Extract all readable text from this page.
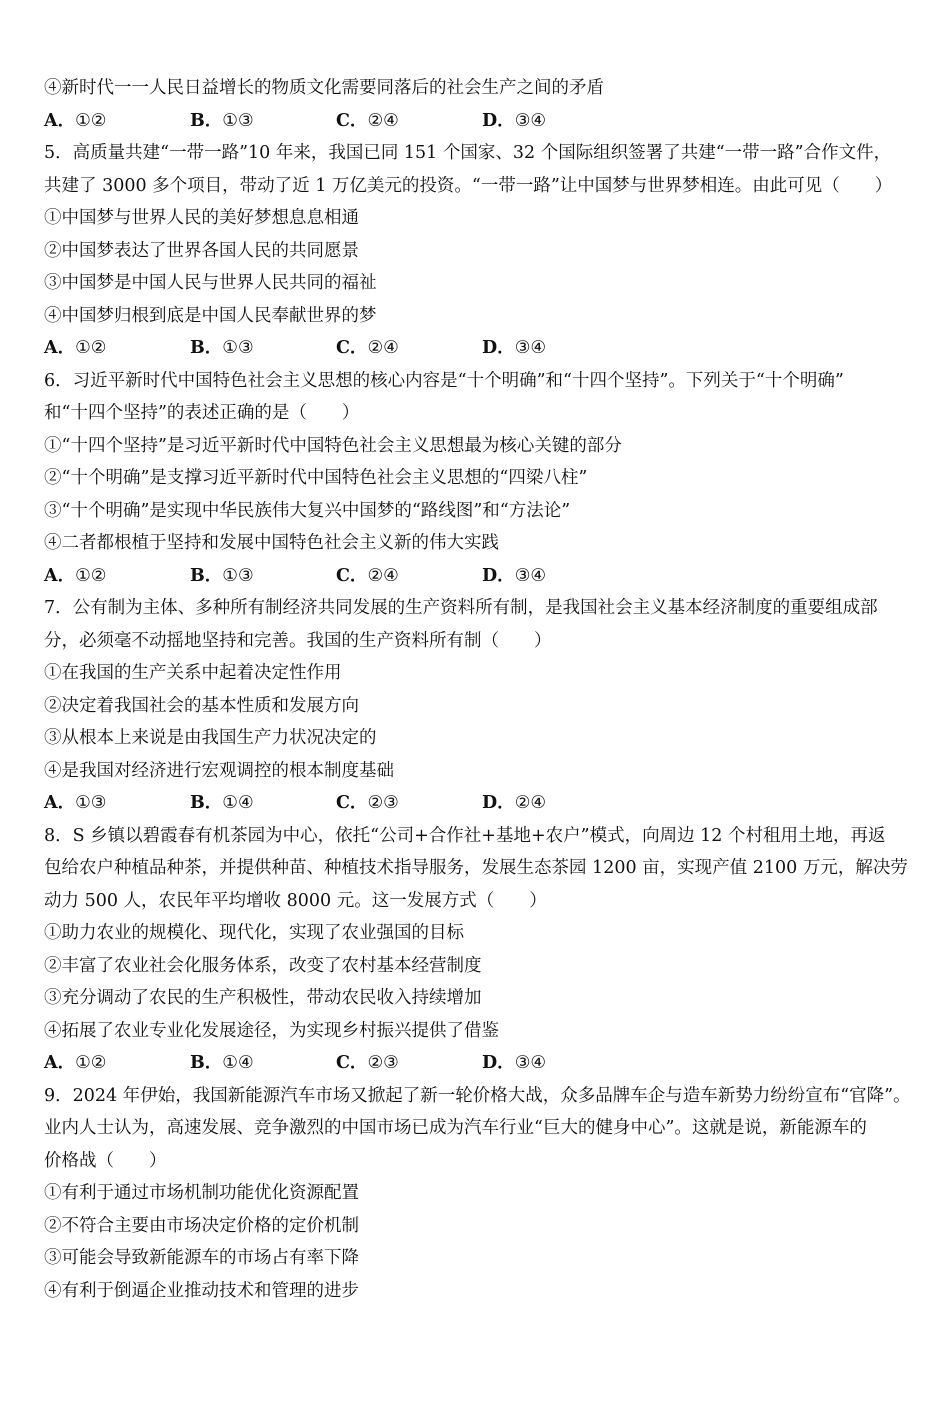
④新时代一一人民日益增长的物质文化需要同落后的社会生产之间的矛盾
A．①②	B．①③	C．②④	D．③④
5．高质量共建“一带一路”10 年来，我国已同 151 个国家、32 个国际组织签署了共建“一带一路”合作文件，
共建了 3000 多个项目，带动了近 1 万亿美元的投资。“一带一路”让中国梦与世界梦相连。由此可见（　　）
①中国梦与世界人民的美好梦想息息相通
②中国梦表达了世界各国人民的共同愿景
③中国梦是中国人民与世界人民共同的福祉
④中国梦归根到底是中国人民奉献世界的梦
A．①②	B．①③	C．②④	D．③④
6．习近平新时代中国特色社会主义思想的核心内容是“十个明确”和“十四个坚持”。下列关于“十个明确”
和“十四个坚持”的表述正确的是（　　）
①“十四个坚持”是习近平新时代中国特色社会主义思想最为核心关键的部分
②“十个明确”是支撑习近平新时代中国特色社会主义思想的“四梁八柱”
③“十个明确”是实现中华民族伟大复兴中国梦的“路线图”和“方法论”
④二者都根植于坚持和发展中国特色社会主义新的伟大实践
A．①②	B．①③	C．②④	D．③④
7．公有制为主体、多种所有制经济共同发展的生产资料所有制，是我国社会主义基本经济制度的重要组成部
分，必须毫不动摇地坚持和完善。我国的生产资料所有制（　　）
①在我国的生产关系中起着决定性作用
②决定着我国社会的基本性质和发展方向
③从根本上来说是由我国生产力状况决定的
④是我国对经济进行宏观调控的根本制度基础
A．①③	B．①④	C．②③	D．②④
8．S 乡镇以碧霞春有机茶园为中心，依托“公司+合作社+基地+农户”模式，向周边 12 个村租用土地，再返
包给农户种植品种茶，并提供种苗、种植技术指导服务，发展生态茶园 1200 亩，实现产值 2100 万元，解决劳
动力 500 人，农民年平均增收 8000 元。这一发展方式（　　）
①助力农业的规模化、现代化，实现了农业强国的目标
②丰富了农业社会化服务体系，改变了农村基本经营制度
③充分调动了农民的生产积极性，带动农民收入持续增加
④拓展了农业专业化发展途径，为实现乡村振兴提供了借鉴
A．①②	B．①④	C．②③	D．③④
9．2024 年伊始，我国新能源汽车市场又掀起了新一轮价格大战，众多品牌车企与造车新势力纷纷宣布“官降”。
业内人士认为，高速发展、竞争激烈的中国市场已成为汽车行业“巨大的健身中心”。这就是说，新能源车的
价格战（　　）
①有利于通过市场机制功能优化资源配置
②不符合主要由市场决定价格的定价机制
③可能会导致新能源车的市场占有率下降
④有利于倒逼企业推动技术和管理的进步
